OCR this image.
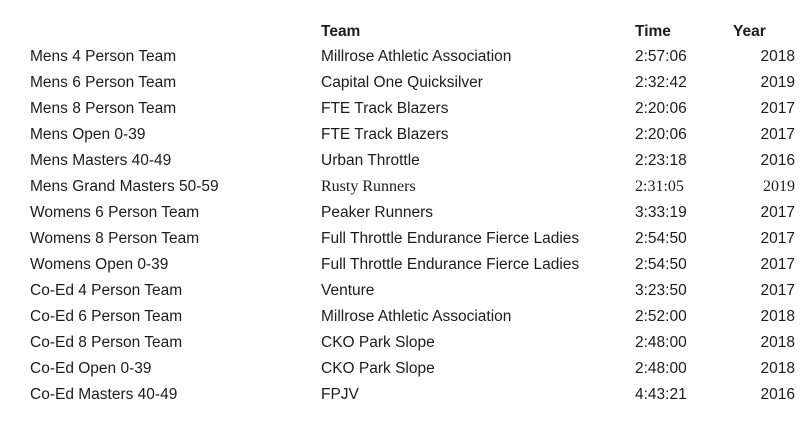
	Team	Time	Year
Mens 4 Person Team	Millrose Athletic Association	2:57:06	2018
Mens 6 Person Team	Capital One Quicksilver	2:32:42	2019
Mens 8 Person Team	FTE Track Blazers	2:20:06	2017
Mens Open 0-39	FTE Track Blazers	2:20:06	2017
Mens Masters 40-49	Urban Throttle	2:23:18	2016
Mens Grand Masters 50-59	Rusty Runners	2:31:05	2019
Womens 6 Person Team	Peaker Runners	3:33:19	2017
Womens 8 Person Team	Full Throttle Endurance Fierce Ladies	2:54:50	2017
Womens Open 0-39	Full Throttle Endurance Fierce Ladies	2:54:50	2017
Co-Ed 4 Person Team	Venture	3:23:50	2017
Co-Ed 6 Person Team	Millrose Athletic Association	2:52:00	2018
Co-Ed 8 Person Team	CKO Park Slope	2:48:00	2018
Co-Ed Open 0-39	CKO Park Slope	2:48:00	2018
Co-Ed Masters 40-49	FPJV	4:43:21	2016
